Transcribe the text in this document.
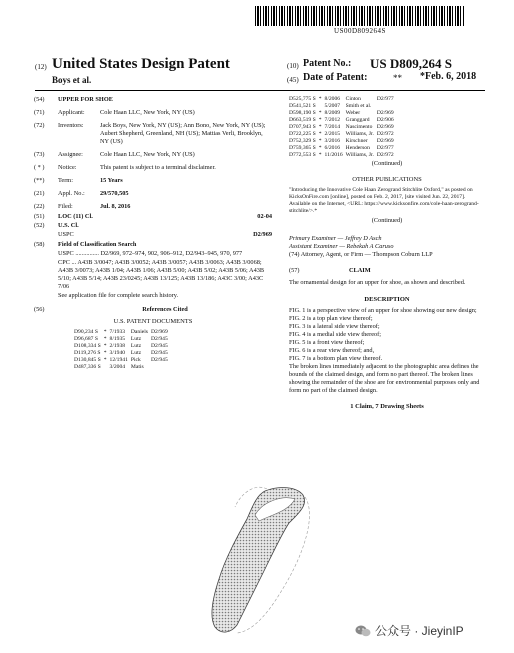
US00D809264S
(12) United States Design Patent
Boys et al.
(10) Patent No.: US D809,264 S
(45) Date of Patent:	** *Feb. 6, 2018
(54)	UPPER FOR SHOE
(71)	Applicant:	Cole Haan LLC, New York, NY (US)
(72)	Inventors:	Jack Boys, New York, NY (US); Ann Bono, New York, NY (US); Aubert Shepherd, Greenland, NH (US); Mattias Verli, Brooklyn, NY (US)
(73)	Assignee:	Cole Haan LLC, New York, NY (US)
( * )	Notice:	This patent is subject to a terminal disclaimer.
(**)	Term:	15 Years
(21)	Appl. No.:	29/570,505
(22)	Filed:	Jul. 8, 2016
(51)	LOC (11) Cl.	02-04
(52)	U.S. Cl.
USPC	D2/969
(58)	Field of Classification Search
USPC ............... D2/969, 972–974, 902, 906–912, D2/943–945, 970, 977
CPC ... A43B 3/0047; A43B 3/0052; A43B 3/0057; A43B 3/0063; A43B 3/0068; A43B 3/0073; A43B 1/04; A43B 1/06; A43B 5/00; A43B 5/02; A43B 5/06; A43B 5/10; A43B 5/14; A43B 23/0245; A43B 13/125; A43B 13/186; A43C 3/00; A43C 7/06
See application file for complete search history.
(56)	References Cited
U.S. PATENT DOCUMENTS
D90,234 S	*	7/1933	Daniels	D2/969
D96,687 S	*	8/1935	Lutz	D2/945
D108,334 S	*	2/1938	Lutz	D2/945
D119,276 S	*	3/1940	Lutz	D2/945
D130,845 S	*	12/1941	Pick	D2/945
D487,336 S		3/2004	Matis	
D525,775 S	*	8/2006	Cinton	D2/977
D541,521 S		5/2007	Smith et al.	
D598,190 S	*	8/2009	Weber	D2/969
D663,519 S	*	7/2012	Granggard	D2/906
D707,943 S	*	7/2014	Nascimento	D2/969
D722,225 S	*	2/2015	Williams, Jr.	D2/972
D752,329 S	*	3/2016	Kirschner	D2/969
D759,365 S	*	6/2016	Henderson	D2/977
D772,553 S	*	11/2016	Williams, Jr.	D2/972
(Continued)
OTHER PUBLICATIONS
"Introducing the Innovative Cole Haan Zerogrand Stitchlite Oxford," as posted on KicksOnFire.com [online], posted on Feb. 2, 2017, [site visited Jun. 22, 2017]. Available on the Internet, <URL: https://www.kicksonfire.com/cole-haan-zerogrand-stitchlite/>.*
(Continued)
Primary Examiner — Jeffrey D Asch
Assistant Examiner — Rebekah A Caruso
(74) Attorney, Agent, or Firm — Thompson Coburn LLP
(57)	CLAIM
The ornamental design for an upper for shoe, as shown and described.
DESCRIPTION
FIG. 1 is a perspective view of an upper for shoe showing our new design;
FIG. 2 is a top plan view thereof;
FIG. 3 is a lateral side view thereof;
FIG. 4 is a medial side view thereof;
FIG. 5 is a front view thereof;
FIG. 6 is a rear view thereof; and,
FIG. 7 is a bottom plan view thereof.
The broken lines immediately adjacent to the photographic area defines the bounds of the claimed design, and form no part thereof. The broken lines showing the remainder of the shoe are for environmental purposes only and form no part of the claimed design.
1 Claim, 7 Drawing Sheets
公众号 · JieyinIP
